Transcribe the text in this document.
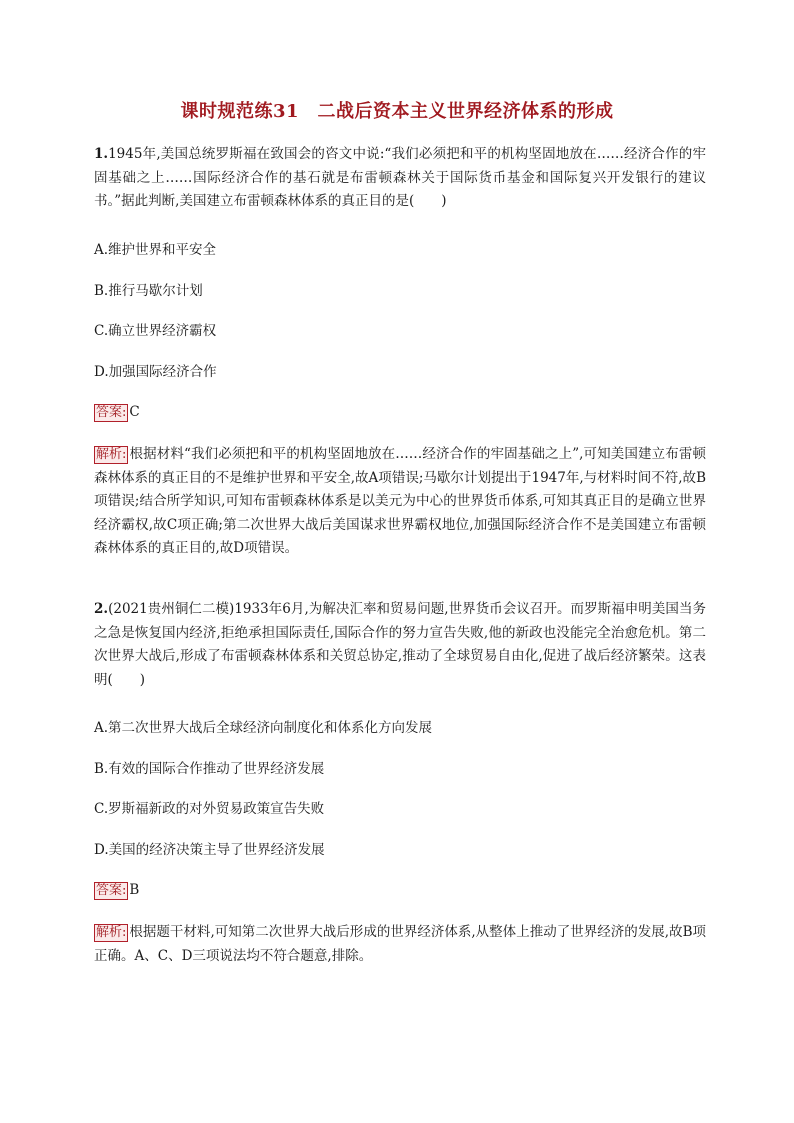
课时规范练31　二战后资本主义世界经济体系的形成
1.1945年,美国总统罗斯福在致国会的咨文中说:“我们必须把和平的机构坚固地放在……经济合作的牢固基础之上……国际经济合作的基石就是布雷顿森林关于国际货币基金和国际复兴开发银行的建议书。”据此判断,美国建立布雷顿森林体系的真正目的是(　　)
A.维护世界和平安全
B.推行马歇尔计划
C.确立世界经济霸权
D.加强国际经济合作
答案: C
解析: 根据材料“我们必须把和平的机构坚固地放在……经济合作的牢固基础之上”,可知美国建立布雷顿森林体系的真正目的不是维护世界和平安全,故A项错误;马歇尔计划提出于1947年,与材料时间不符,故B项错误;结合所学知识,可知布雷顿森林体系是以美元为中心的世界货币体系,可知其真正目的是确立世界经济霸权,故C项正确;第二次世界大战后美国谋求世界霸权地位,加强国际经济合作不是美国建立布雷顿森林体系的真正目的,故D项错误。
2.(2021贵州铜仁二模)1933年6月,为解决汇率和贸易问题,世界货币会议召开。而罗斯福申明美国当务之急是恢复国内经济,拒绝承担国际责任,国际合作的努力宣告失败,他的新政也没能完全治愈危机。第二次世界大战后,形成了布雷顿森林体系和关贸总协定,推动了全球贸易自由化,促进了战后经济繁荣。这表明(　　)
A.第二次世界大战后全球经济向制度化和体系化方向发展
B.有效的国际合作推动了世界经济发展
C.罗斯福新政的对外贸易政策宣告失败
D.美国的经济决策主导了世界经济发展
答案: B
解析: 根据题干材料,可知第二次世界大战后形成的世界经济体系,从整体上推动了世界经济的发展,故B项正确。A、C、D三项说法均不符合题意,排除。
